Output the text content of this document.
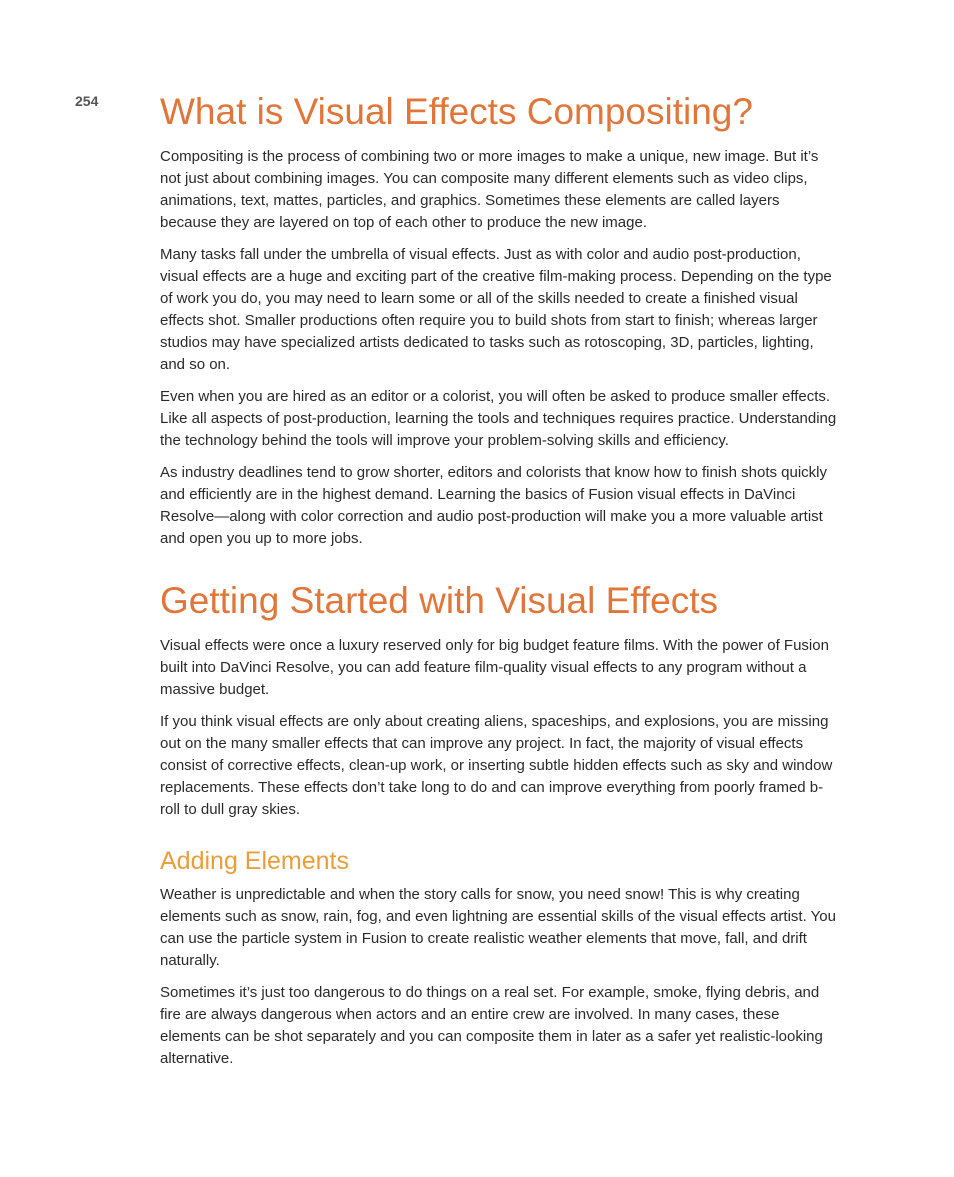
254 What is Visual Effects Compositing?

Compositing is the process of combining two or more images to make a unique, new image. But it’s not just about combining images. You can composite many different elements such as video clips, animations, text, mattes, particles, and graphics. Sometimes these elements are called layers because they are layered on top of each other to produce the new image.

Many tasks fall under the umbrella of visual effects. Just as with color and audio post-production, visual effects are a huge and exciting part of the creative film-making process. Depending on the type of work you do, you may need to learn some or all of the skills needed to create a finished visual effects shot. Smaller productions often require you to build shots from start to finish; whereas larger studios may have specialized artists dedicated to tasks such as rotoscoping, 3D, particles, lighting, and so on.

Even when you are hired as an editor or a colorist, you will often be asked to produce smaller effects. Like all aspects of post-production, learning the tools and techniques requires practice. Understanding the technology behind the tools will improve your problem-solving skills and efficiency.

As industry deadlines tend to grow shorter, editors and colorists that know how to finish shots quickly and efficiently are in the highest demand. Learning the basics of Fusion visual effects in DaVinci Resolve—along with color correction and audio post-production will make you a more valuable artist and open you up to more jobs.

Getting Started with Visual Effects

Visual effects were once a luxury reserved only for big budget feature films. With the power of Fusion built into DaVinci Resolve, you can add feature film-quality visual effects to any program without a massive budget.

If you think visual effects are only about creating aliens, spaceships, and explosions, you are missing out on the many smaller effects that can improve any project. In fact, the majority of visual effects consist of corrective effects, clean-up work, or inserting subtle hidden effects such as sky and window replacements. These effects don’t take long to do and can improve everything from poorly framed b-roll to dull gray skies.

Adding Elements

Weather is unpredictable and when the story calls for snow, you need snow! This is why creating elements such as snow, rain, fog, and even lightning are essential skills of the visual effects artist. You can use the particle system in Fusion to create realistic weather elements that move, fall, and drift naturally.

Sometimes it’s just too dangerous to do things on a real set. For example, smoke, flying debris, and fire are always dangerous when actors and an entire crew are involved. In many cases, these elements can be shot separately and you can composite them in later as a safer yet realistic-looking alternative.
